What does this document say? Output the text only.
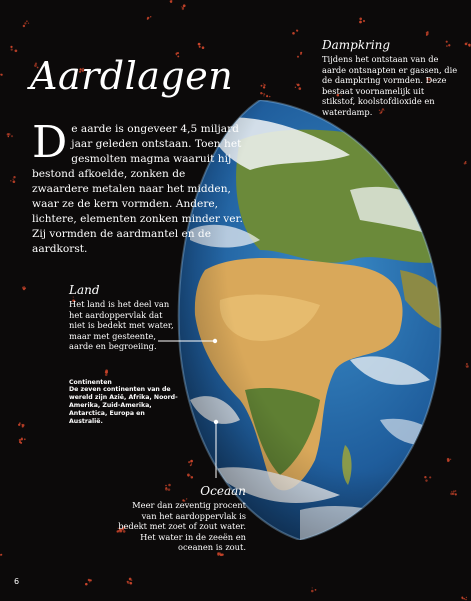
Aardlagen

De aarde is ongeveer 4,5 miljard jaar geleden ontstaan. Toen het gesmolten magma waaruit hij bestond afkoelde, zonken de zwaardere metalen naar het midden, waar ze de kern vormden. Andere, lichtere, elementen zonken minder ver. Zij vormden de aardmantel en de aardkorst.

Dampkring

Tijdens het ontstaan van de aarde ontsnapten er gassen, die de dampkring vormden. Deze bestaat voornamelijk uit stikstof, koolstofdioxide en waterdamp.

Land

Het land is het deel van het aardoppervlak dat niet is bedekt met water, maar met gesteente, aarde en begroeiing.

Continenten

De zeven continenten van de wereld zijn Azië, Afrika, Noord-Amerika, Zuid-Amerika, Antarctica, Europa en Australië.

Oceaan

Meer dan zeventig procent van het aardoppervlak is bedekt met zoet of zout water. Het water in de zeeën en oceanen is zout.

6
